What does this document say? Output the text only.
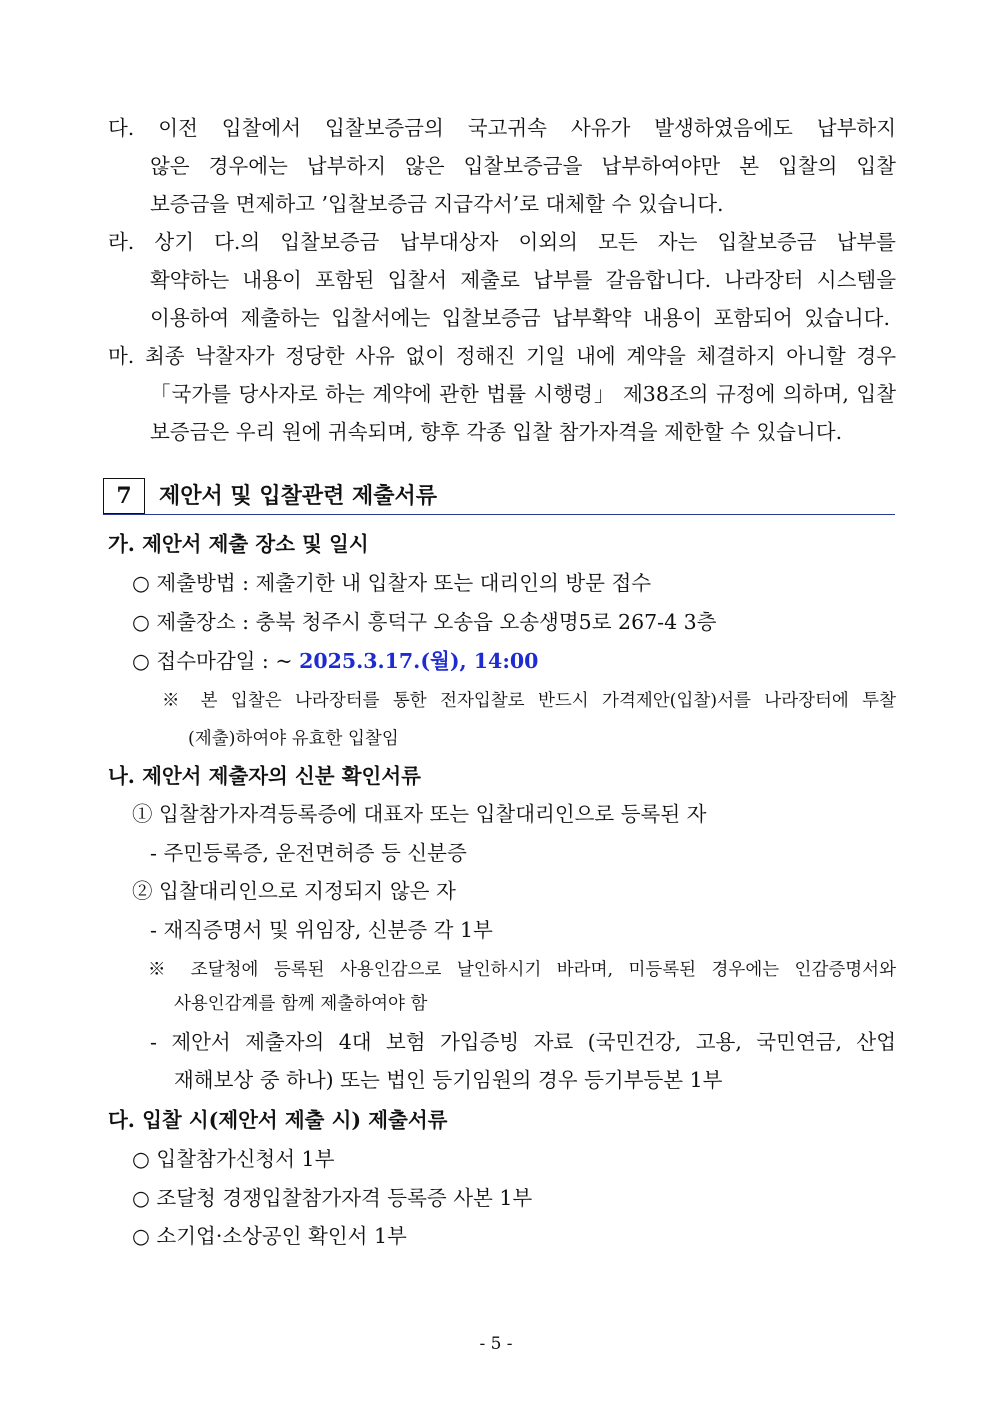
다. 이전 입찰에서 입찰보증금의 국고귀속 사유가 발생하였음에도 납부하지
않은 경우에는 납부하지 않은 입찰보증금을 납부하여야만 본 입찰의 입찰
보증금을 면제하고 ’입찰보증금 지급각서’로 대체할 수 있습니다.
라. 상기 다.의 입찰보증금 납부대상자 이외의 모든 자는 입찰보증금 납부를
확약하는 내용이 포함된 입찰서 제출로 납부를 갈음합니다. 나라장터 시스템을
이용하여 제출하는 입찰서에는 입찰보증금 납부확약 내용이 포함되어 있습니다.
마. 최종 낙찰자가 정당한 사유 없이 정해진 기일 내에 계약을 체결하지 아니할 경우
「국가를 당사자로 하는 계약에 관한 법률 시행령」 제38조의 규정에 의하며, 입찰
보증금은 우리 원에 귀속되며, 향후 각종 입찰 참가자격을 제한할 수 있습니다.
7	제안서 및 입찰관련 제출서류
가. 제안서 제출 장소 및 일시
○ 제출방법 : 제출기한 내 입찰자 또는 대리인의 방문 접수
○ 제출장소 : 충북 청주시 흥덕구 오송읍 오송생명5로 267-4 3층
○ 접수마감일 : ~ 2025.3.17.(월), 14:00
※ 본 입찰은 나라장터를 통한 전자입찰로 반드시 가격제안(입찰)서를 나라장터에 투찰
(제출)하여야 유효한 입찰임
나. 제안서 제출자의 신분 확인서류
① 입찰참가자격등록증에 대표자 또는 입찰대리인으로 등록된 자
- 주민등록증, 운전면허증 등 신분증
② 입찰대리인으로 지정되지 않은 자
- 재직증명서 및 위임장, 신분증 각 1부
※ 조달청에 등록된 사용인감으로 날인하시기 바라며, 미등록된 경우에는 인감증명서와
사용인감계를 함께 제출하여야 함
- 제안서 제출자의 4대 보험 가입증빙 자료 (국민건강, 고용, 국민연금, 산업
재해보상 중 하나) 또는 법인 등기임원의 경우 등기부등본 1부
다. 입찰 시(제안서 제출 시) 제출서류
○ 입찰참가신청서 1부
○ 조달청 경쟁입찰참가자격 등록증 사본 1부
○ 소기업·소상공인 확인서 1부
- 5 -
